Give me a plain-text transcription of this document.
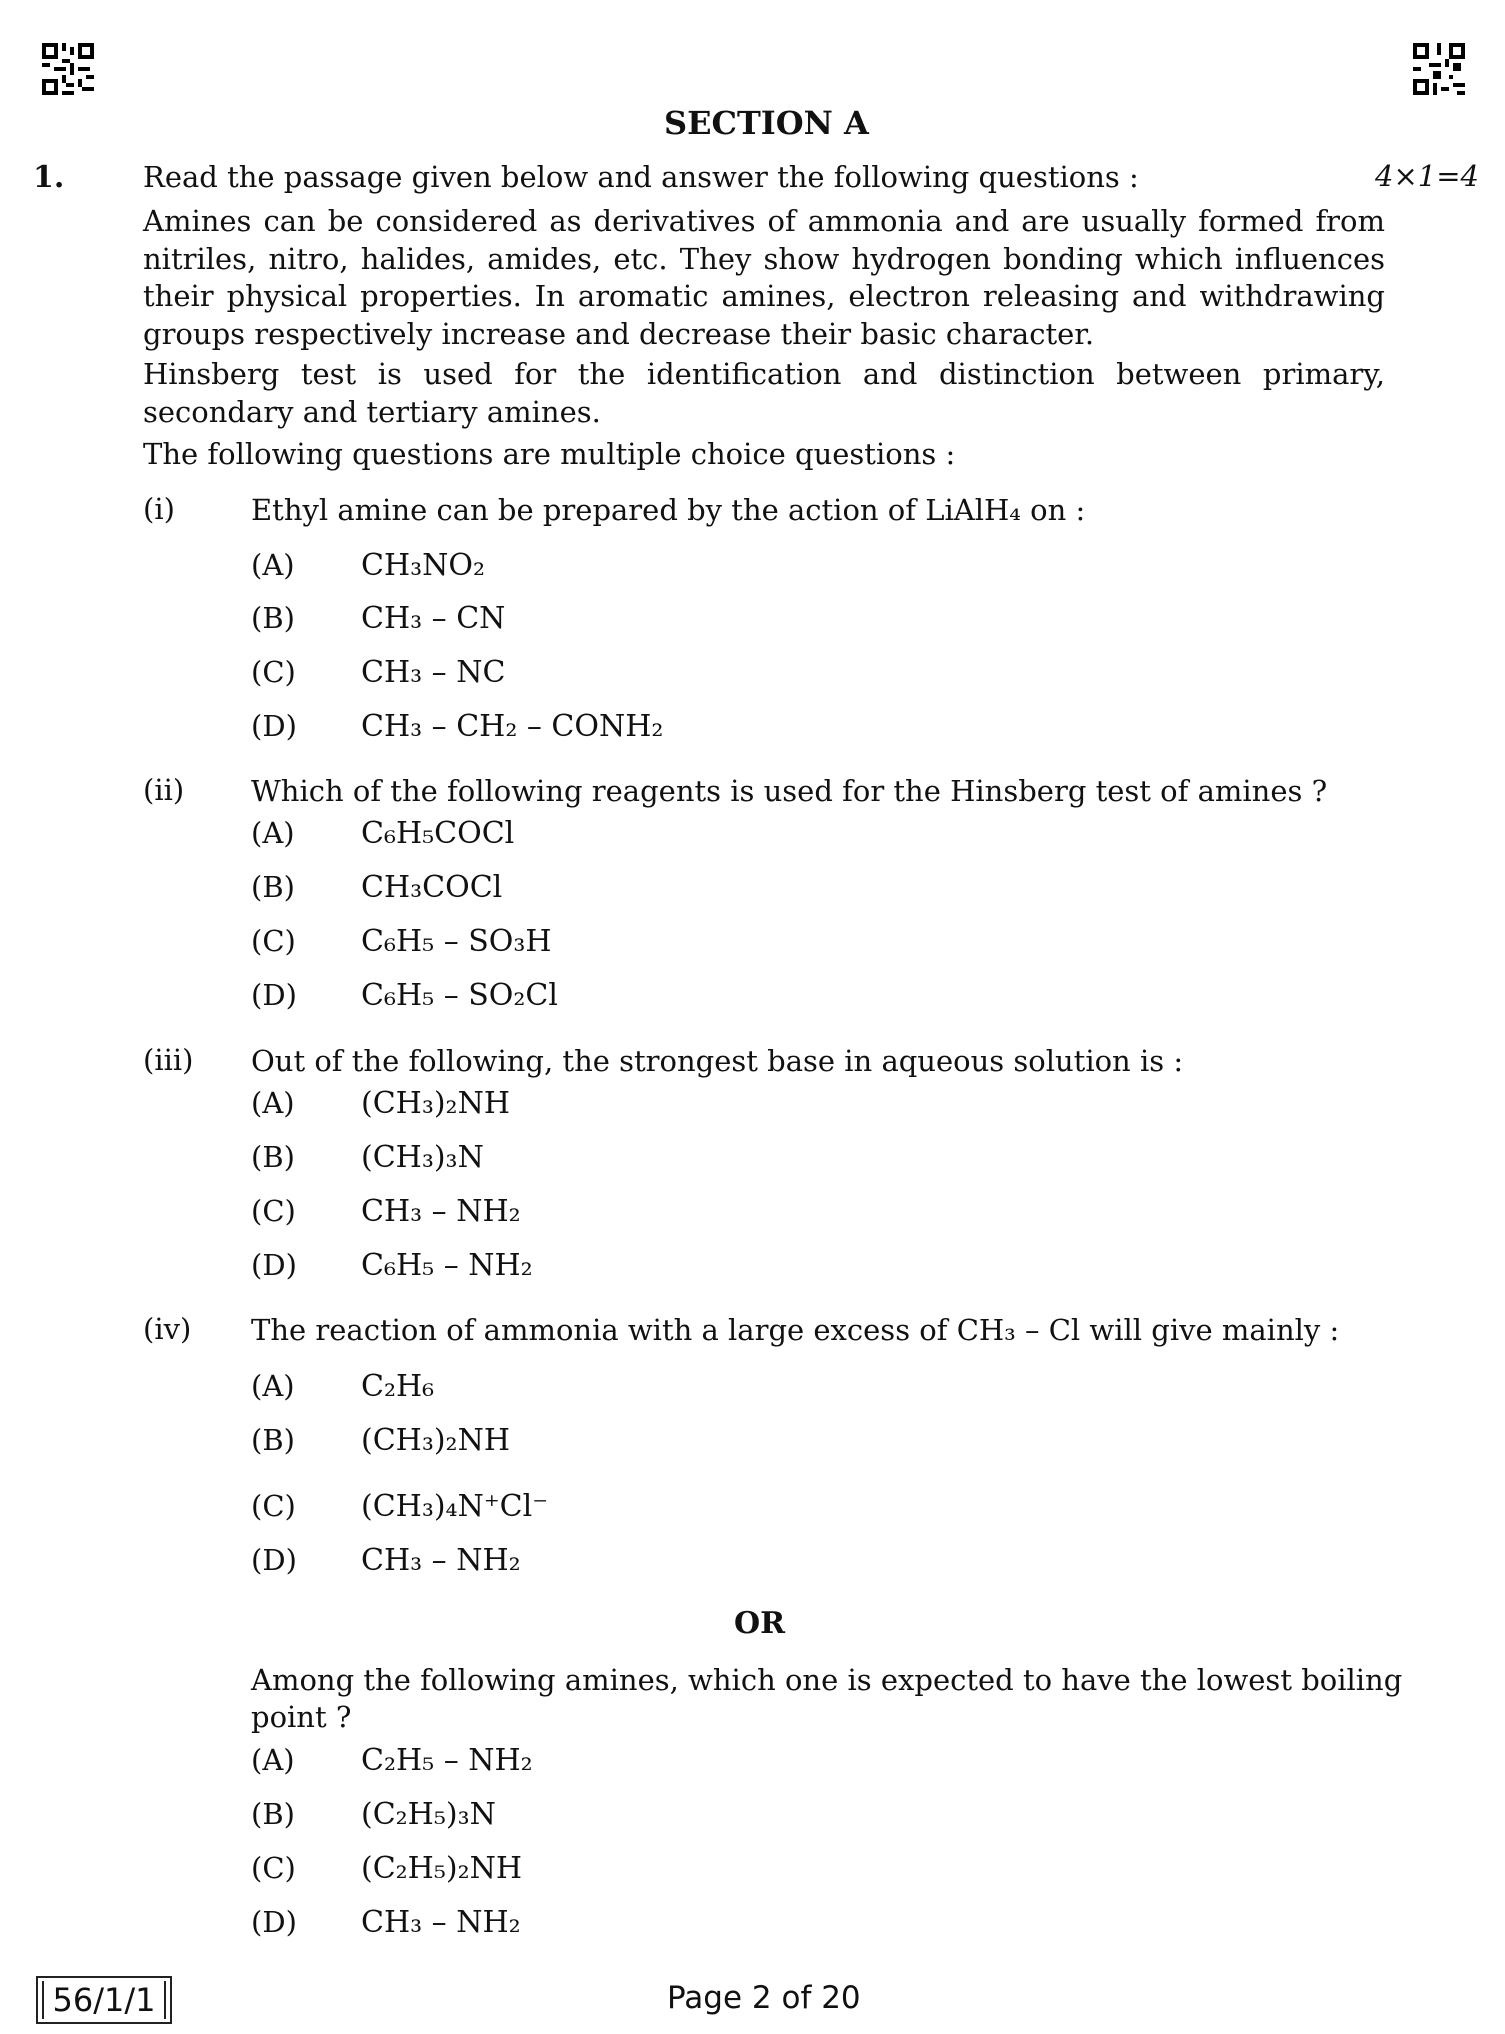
SECTION A
1.	Read the passage given below and answer the following questions :	4×1=4
Amines can be considered as derivatives of ammonia and are usually formed from nitriles, nitro, halides, amides, etc. They show hydrogen bonding which influences their physical properties. In aromatic amines, electron releasing and withdrawing groups respectively increase and decrease their basic character.
Hinsberg test is used for the identification and distinction between primary, secondary and tertiary amines.
The following questions are multiple choice questions :
(i)	Ethyl amine can be prepared by the action of LiAlH₄ on :
(A) CH₃NO₂
(B) CH₃ – CN
(C) CH₃ – NC
(D) CH₃ – CH₂ – CONH₂
(ii) Which of the following reagents is used for the Hinsberg test of amines ?
(A) C₆H₅COCl
(B) CH₃COCl
(C) C₆H₅ – SO₃H
(D) C₆H₅ – SO₂Cl
(iii) Out of the following, the strongest base in aqueous solution is :
(A) (CH₃)₂NH
(B) (CH₃)₃N
(C) CH₃ – NH₂
(D) C₆H₅ – NH₂
(iv) The reaction of ammonia with a large excess of CH₃ – Cl will give mainly :
(A) C₂H₆
(B) (CH₃)₂NH
(C) (CH₃)₄N⁺Cl⁻
(D) CH₃ – NH₂
OR
Among the following amines, which one is expected to have the lowest boiling
point ?
(A) C₂H₅ – NH₂
(B) (C₂H₅)₃N
(C) (C₂H₅)₂NH
(D) CH₃ – NH₂
56/1/1	Page 2 of 20
